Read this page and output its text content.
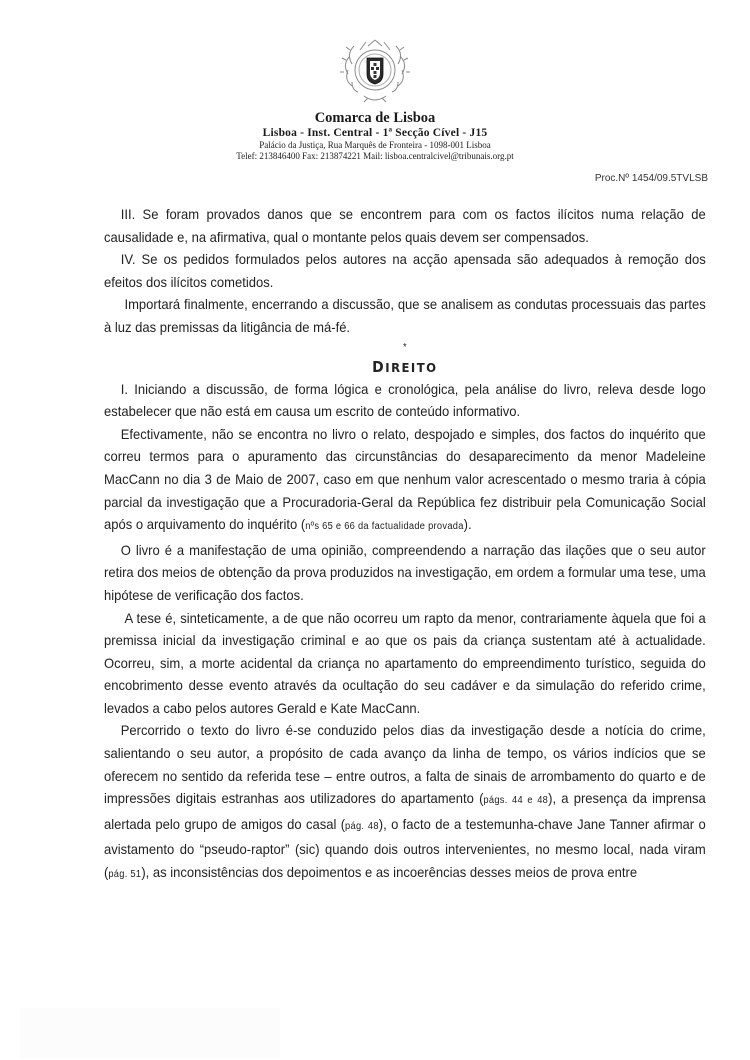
Comarca de Lisboa
Lisboa - Inst. Central - 1ª Secção Cível - J15
Palácio da Justiça, Rua Marquês de Fronteira - 1098-001 Lisboa
Telef: 213846400 Fax: 213874221 Mail: lisboa.centralcivel@tribunais.org.pt
Proc.Nº 1454/09.5TVLSB

III. Se foram provados danos que se encontrem para com os factos ilícitos numa relação de causalidade e, na afirmativa, qual o montante pelos quais devem ser compensados.

IV. Se os pedidos formulados pelos autores na acção apensada são adequados à remoção dos efeitos dos ilícitos cometidos.

Importará finalmente, encerrando a discussão, que se analisem as condutas processuais das partes à luz das premissas da litigância de má-fé.

*
DIREITO

I. Iniciando a discussão, de forma lógica e cronológica, pela análise do livro, releva desde logo estabelecer que não está em causa um escrito de conteúdo informativo.

Efectivamente, não se encontra no livro o relato, despojado e simples, dos factos do inquérito que correu termos para o apuramento das circunstâncias do desaparecimento da menor Madeleine MacCann no dia 3 de Maio de 2007, caso em que nenhum valor acrescentado o mesmo traria à cópia parcial da investigação que a Procuradoria-Geral da República fez distribuir pela Comunicação Social após o arquivamento do inquérito (nºs 65 e 66 da factualidade provada).

O livro é a manifestação de uma opinião, compreendendo a narração das ilações que o seu autor retira dos meios de obtenção da prova produzidos na investigação, em ordem a formular uma tese, uma hipótese de verificação dos factos.

A tese é, sinteticamente, a de que não ocorreu um rapto da menor, contrariamente àquela que foi a premissa inicial da investigação criminal e ao que os pais da criança sustentam até à actualidade. Ocorreu, sim, a morte acidental da criança no apartamento do empreendimento turístico, seguida do encobrimento desse evento através da ocultação do seu cadáver e da simulação do referido crime, levados a cabo pelos autores Gerald e Kate MacCann.

Percorrido o texto do livro é-se conduzido pelos dias da investigação desde a notícia do crime, salientando o seu autor, a propósito de cada avanço da linha de tempo, os vários indícios que se oferecem no sentido da referida tese – entre outros, a falta de sinais de arrombamento do quarto e de impressões digitais estranhas aos utilizadores do apartamento (págs. 44 e 48), a presença da imprensa alertada pelo grupo de amigos do casal (pág. 48), o facto de a testemunha-chave Jane Tanner afirmar o avistamento do “pseudo-raptor” (sic) quando dois outros intervenientes, no mesmo local, nada viram (pág. 51), as inconsistências dos depoimentos e as incoerências desses meios de prova entre
